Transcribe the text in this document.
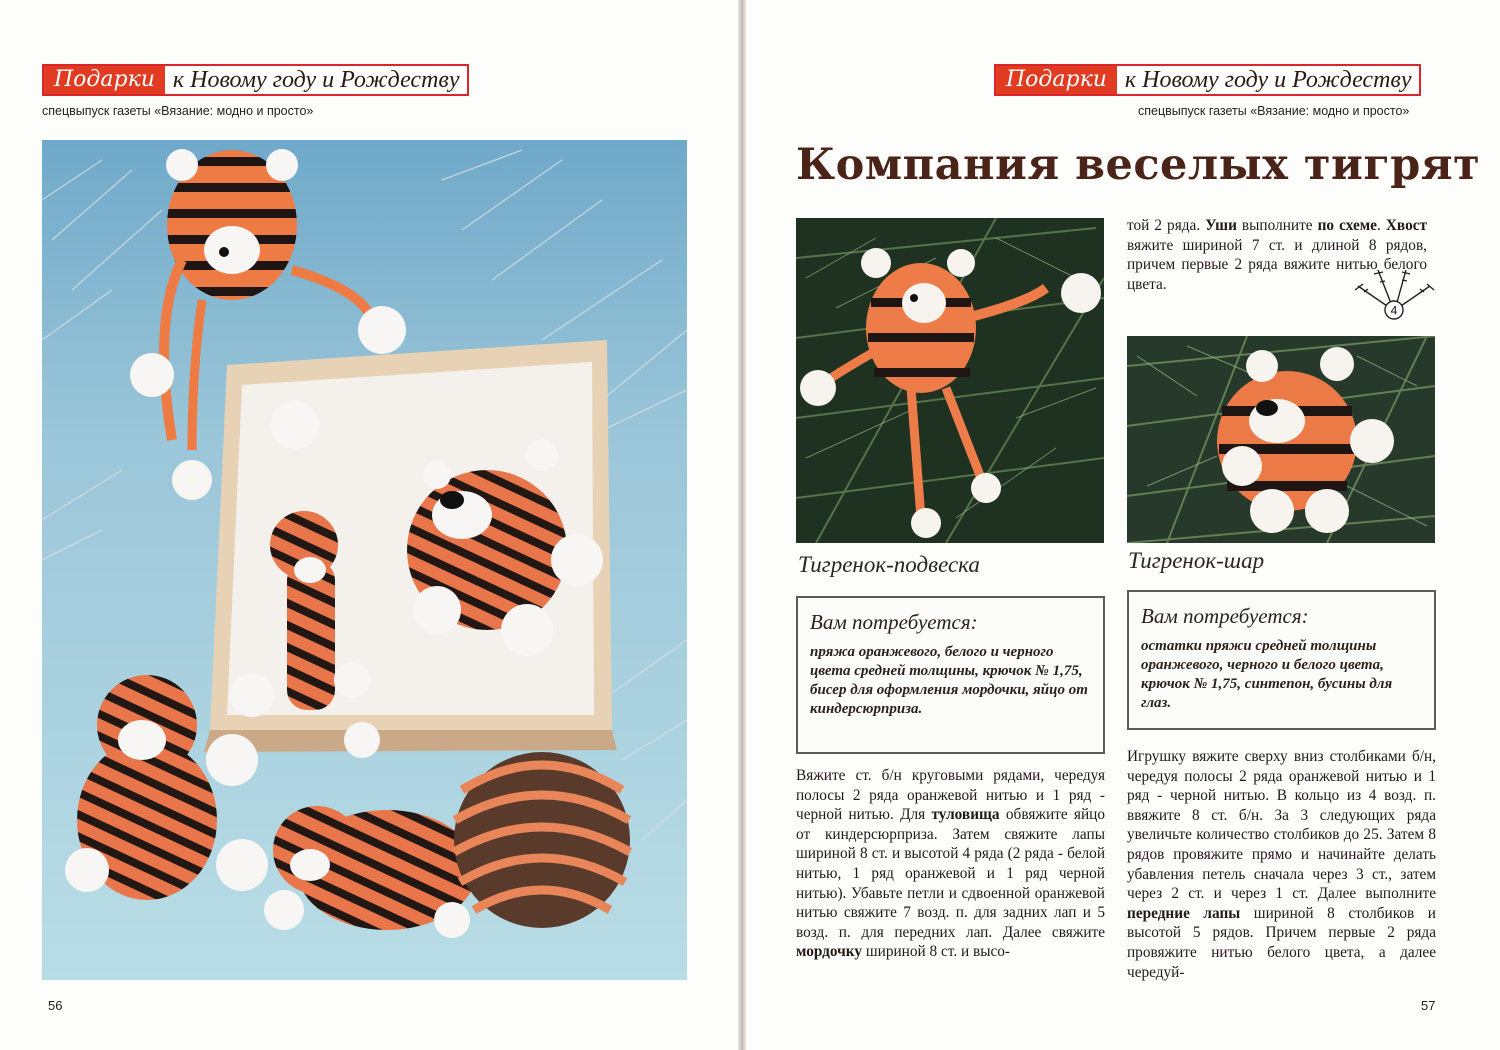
Подарки к Новому году и Рождеству
спецвыпуск газеты «Вязание: модно и просто»
56
Подарки к Новому году и Рождеству
спецвыпуск газеты «Вязание: модно и просто»
Компания веселых тигрят
Тигренок-подвеска
Вам потребуется:
пряжа оранжевого, белого и черного цвета средней толщины, крючок № 1,75, бисер для оформления мордочки, яйцо от киндерсюрприза.
Вяжите ст. б/н круговыми рядами, чередуя полосы 2 ряда оранжевой нитью и 1 ряд - черной нитью. Для туловища обвяжите яйцо от киндерсюрприза. Затем свяжите лапы шириной 8 ст. и высотой 4 ряда (2 ряда - белой нитью, 1 ряд оранжевой и 1 ряд черной нитью). Убавьте петли и сдвоенной оранжевой нитью свяжите 7 возд. п. для задних лап и 5 возд. п. для передних лап. Далее свяжите мордочку шириной 8 ст. и высо-
той 2 ряда. Уши выполните по схеме. Хвост вяжите шириной 7 ст. и длиной 8 рядов, причем первые 2 ряда вяжите нитью белого цвета.
4
Тигренок-шар
Вам потребуется:
остатки пряжи средней толщины оранжевого, черного и белого цвета, крючок № 1,75, синтепон, бусины для глаз.
Игрушку вяжите сверху вниз столбиками б/н, чередуя полосы 2 ряда оранжевой нитью и 1 ряд - черной нитью. В кольцо из 4 возд. п. ввяжите 8 ст. б/н. За 3 следующих ряда увеличьте количество столбиков до 25. Затем 8 рядов провяжите прямо и начинайте делать убавления петель сначала через 3 ст., затем через 2 ст. и через 1 ст. Далее выполните передние лапы шириной 8 столбиков и высотой 5 рядов. Причем первые 2 ряда провяжите нитью белого цвета, а далее чередуй-
57
